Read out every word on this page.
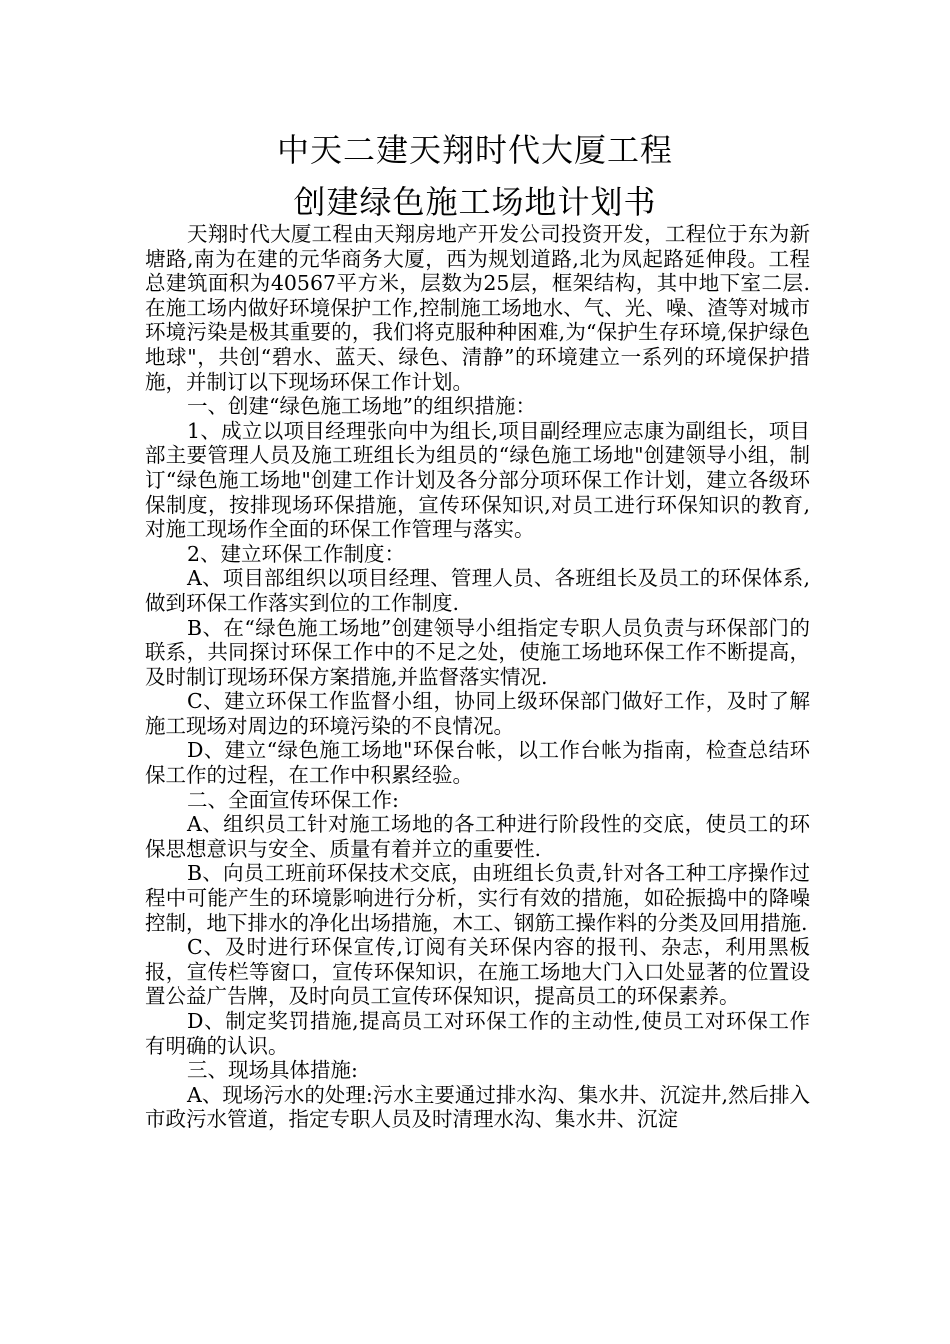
中天二建天翔时代大厦工程
创建绿色施工场地计划书

天翔时代大厦工程由天翔房地产开发公司投资开发，工程位于东为新塘路,南为在建的元华商务大厦，西为规划道路,北为凤起路延伸段。工程总建筑面积为40567平方米，层数为25层，框架结构，其中地下室二层.在施工场内做好环境保护工作,控制施工场地水、气、光、噪、渣等对城市环境污染是极其重要的，我们将克服种种困难,为“保护生存环境,保护绿色地球"，共创“碧水、蓝天、绿色、清静”的环境建立一系列的环境保护措施，并制订以下现场环保工作计划。

一、创建“绿色施工场地”的组织措施：

1、成立以项目经理张向中为组长,项目副经理应志康为副组长，项目部主要管理人员及施工班组长为组员的“绿色施工场地"创建领导小组，制订“绿色施工场地"创建工作计划及各分部分项环保工作计划，建立各级环保制度，按排现场环保措施，宣传环保知识,对员工进行环保知识的教育,对施工现场作全面的环保工作管理与落实。

2、建立环保工作制度：

A、项目部组织以项目经理、管理人员、各班组长及员工的环保体系,做到环保工作落实到位的工作制度.

B、在“绿色施工场地”创建领导小组指定专职人员负责与环保部门的联系，共同探讨环保工作中的不足之处，使施工场地环保工作不断提高，及时制订现场环保方案措施,并监督落实情况.

C、建立环保工作监督小组，协同上级环保部门做好工作，及时了解施工现场对周边的环境污染的不良情况。

D、建立“绿色施工场地"环保台帐，以工作台帐为指南，检查总结环保工作的过程，在工作中积累经验。

二、全面宣传环保工作:

A、组织员工针对施工场地的各工种进行阶段性的交底，使员工的环保思想意识与安全、质量有着并立的重要性.

B、向员工班前环保技术交底，由班组长负责,针对各工种工序操作过程中可能产生的环境影响进行分析，实行有效的措施，如砼振捣中的降噪控制，地下排水的净化出场措施，木工、钢筋工操作料的分类及回用措施.

C、及时进行环保宣传,订阅有关环保内容的报刊、杂志，利用黑板报，宣传栏等窗口，宣传环保知识，在施工场地大门入口处显著的位置设置公益广告牌，及时向员工宣传环保知识，提高员工的环保素养。

D、制定奖罚措施,提高员工对环保工作的主动性,使员工对环保工作有明确的认识。

三、现场具体措施:

A、现场污水的处理:污水主要通过排水沟、集水井、沉淀井,然后排入市政污水管道，指定专职人员及时清理水沟、集水井、沉淀
